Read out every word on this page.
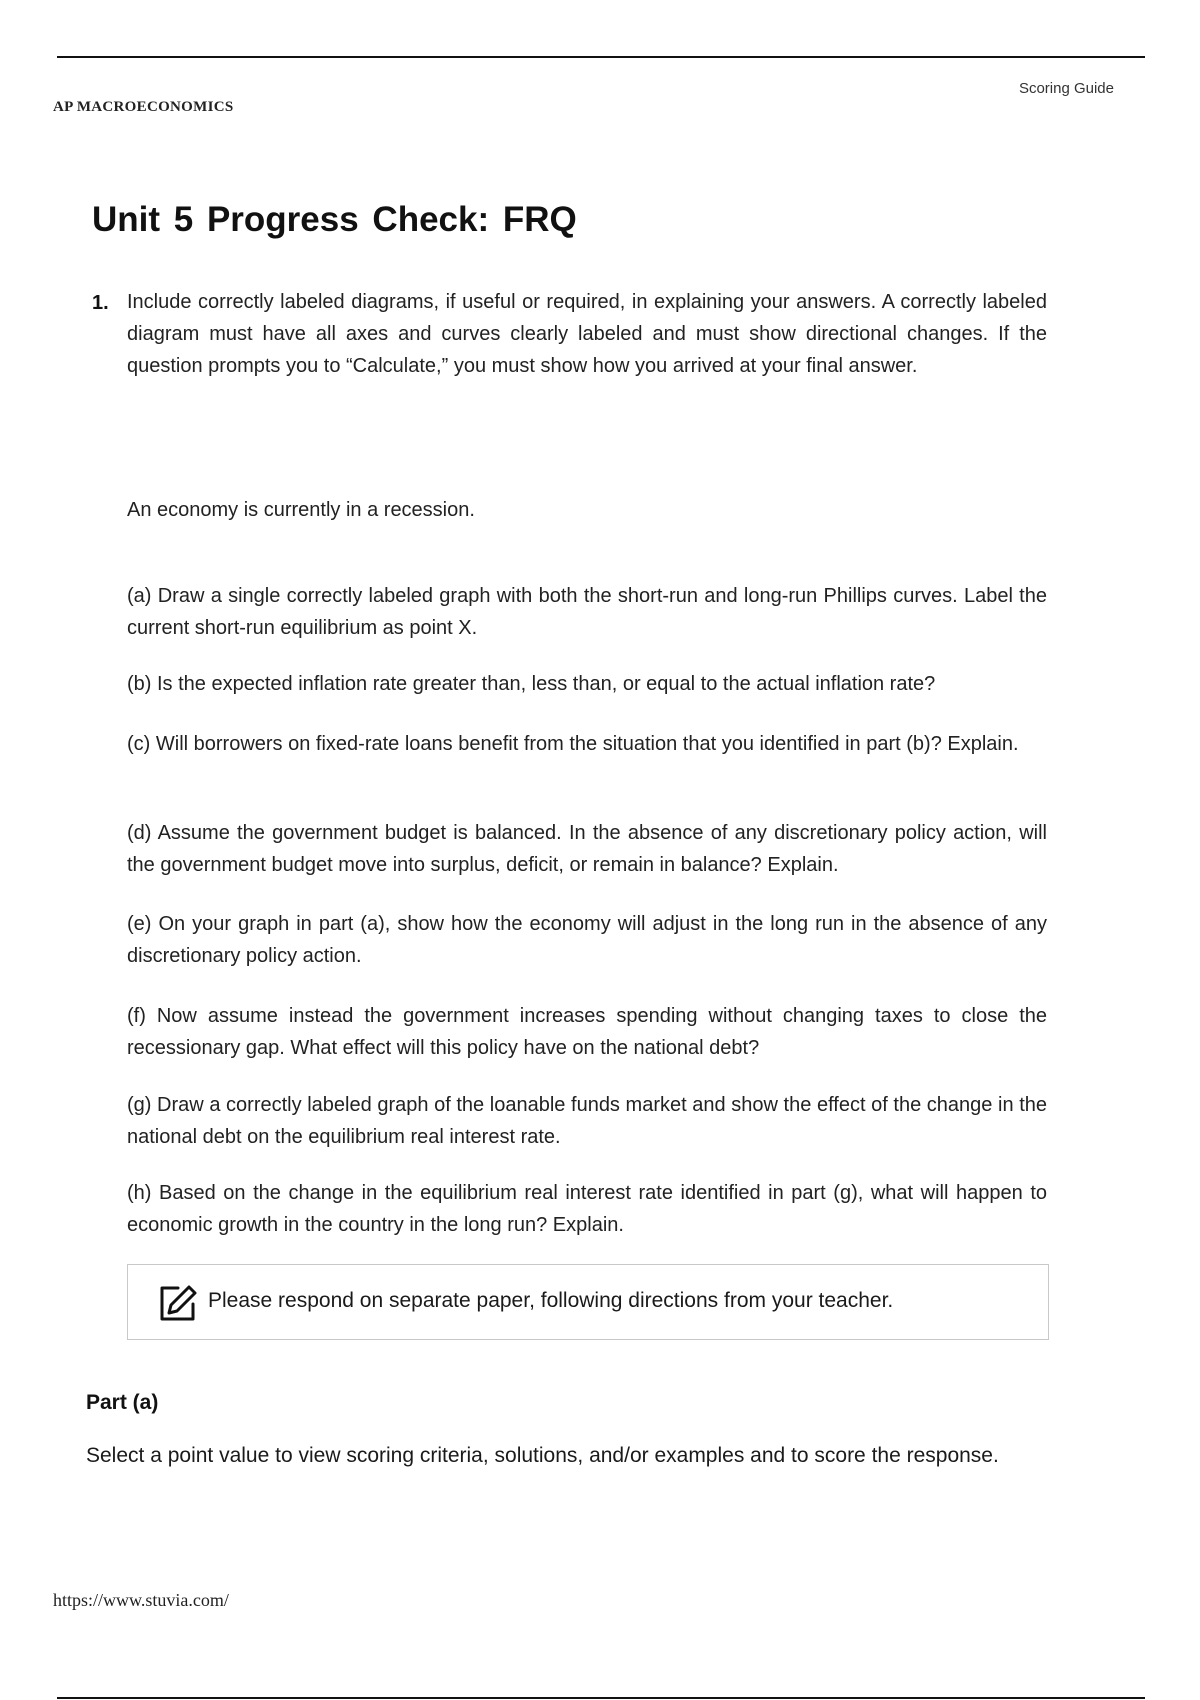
Scoring Guide
AP MACROECONOMICS
Unit 5 Progress Check: FRQ
1. Include correctly labeled diagrams, if useful or required, in explaining your answers. A correctly labeled diagram must have all axes and curves clearly labeled and must show directional changes. If the question prompts you to “Calculate,” you must show how you arrived at your final answer.

An economy is currently in a recession.

(a) Draw a single correctly labeled graph with both the short-run and long-run Phillips curves. Label the current short-run equilibrium as point X.

(b) Is the expected inflation rate greater than, less than, or equal to the actual inflation rate?

(c) Will borrowers on fixed-rate loans benefit from the situation that you identified in part (b)? Explain.

(d) Assume the government budget is balanced. In the absence of any discretionary policy action, will the government budget move into surplus, deficit, or remain in balance? Explain.

(e) On your graph in part (a), show how the economy will adjust in the long run in the absence of any discretionary policy action.

(f) Now assume instead the government increases spending without changing taxes to close the recessionary gap. What effect will this policy have on the national debt?

(g) Draw a correctly labeled graph of the loanable funds market and show the effect of the change in the national debt on the equilibrium real interest rate.

(h) Based on the change in the equilibrium real interest rate identified in part (g), what will happen to economic growth in the country in the long run? Explain.

Please respond on separate paper, following directions from your teacher.
Part (a)

Select a point value to view scoring criteria, solutions, and/or examples and to score the response.

https://www.stuvia.com/
